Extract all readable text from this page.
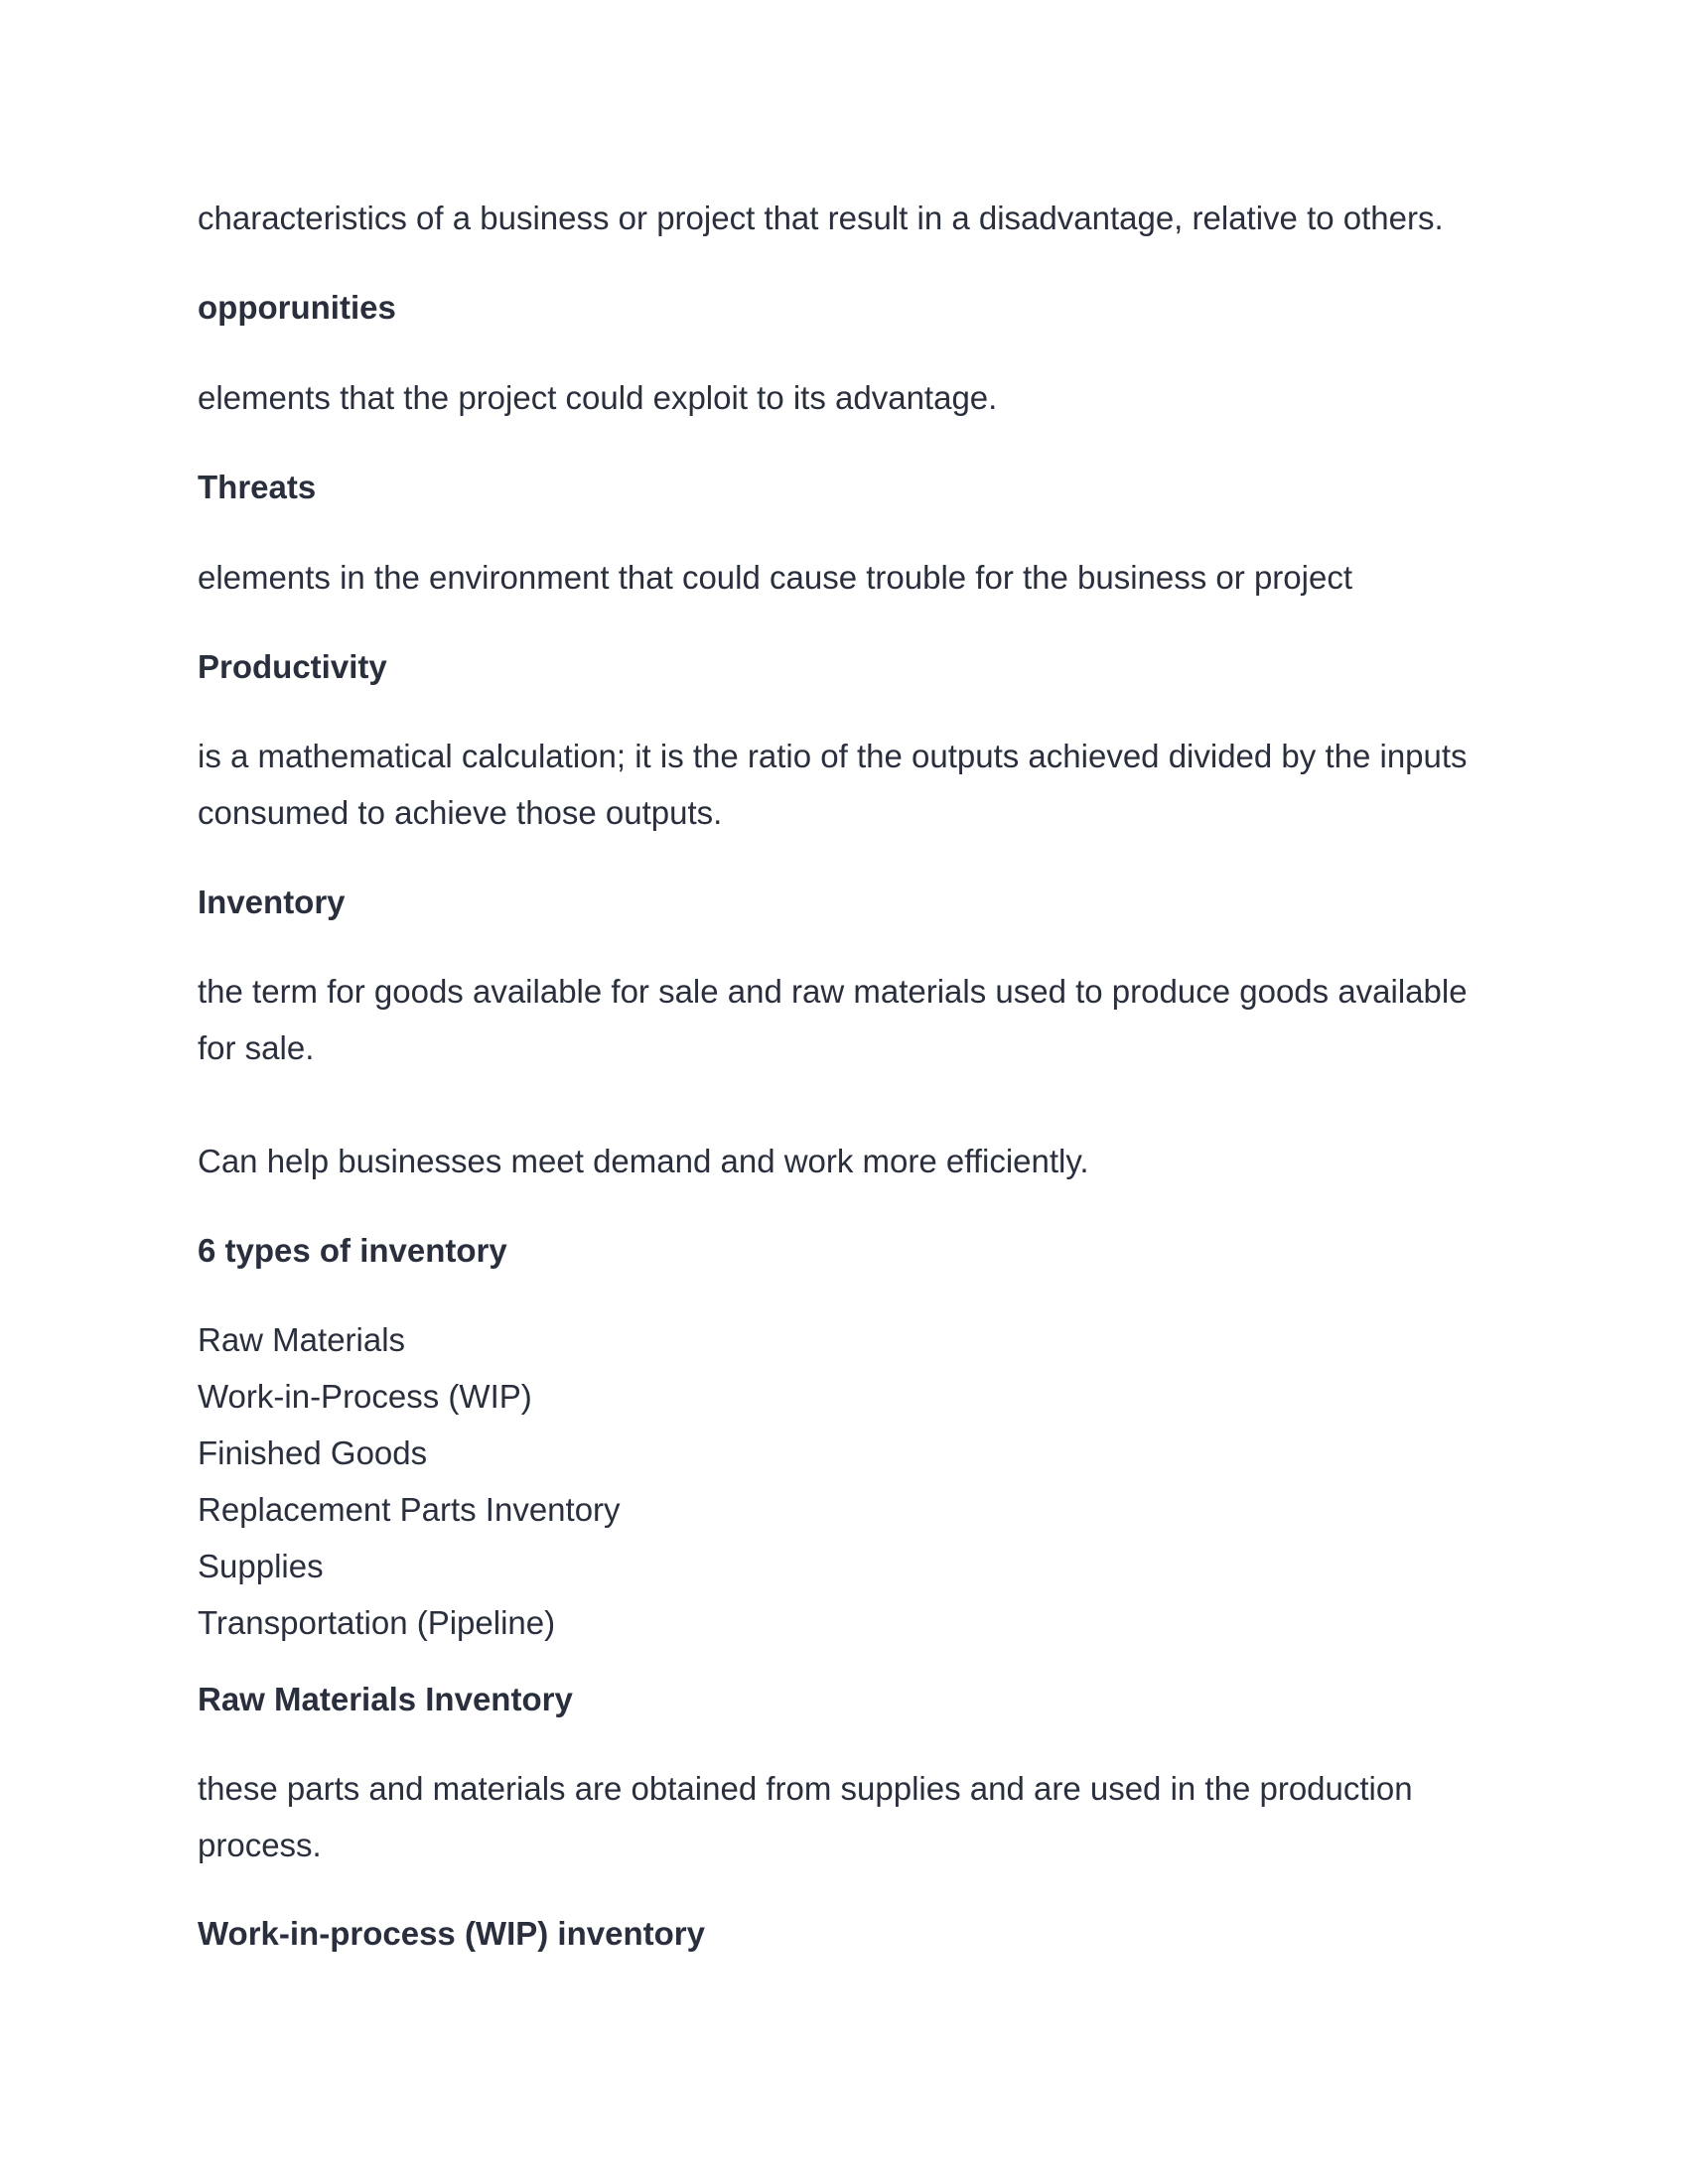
characteristics of a business or project that result in a disadvantage, relative to others.

opporunities

elements that the project could exploit to its advantage.

Threats

elements in the environment that could cause trouble for the business or project

Productivity

is a mathematical calculation; it is the ratio of the outputs achieved divided by the inputs

consumed to achieve those outputs.

Inventory

the term for goods available for sale and raw materials used to produce goods available

for sale.

Can help businesses meet demand and work more efficiently.

6 types of inventory

Raw Materials

Work-in-Process (WIP)

Finished Goods

Replacement Parts Inventory

Supplies

Transportation (Pipeline)

Raw Materials Inventory

these parts and materials are obtained from supplies and are used in the production

process.

Work-in-process (WIP) inventory
